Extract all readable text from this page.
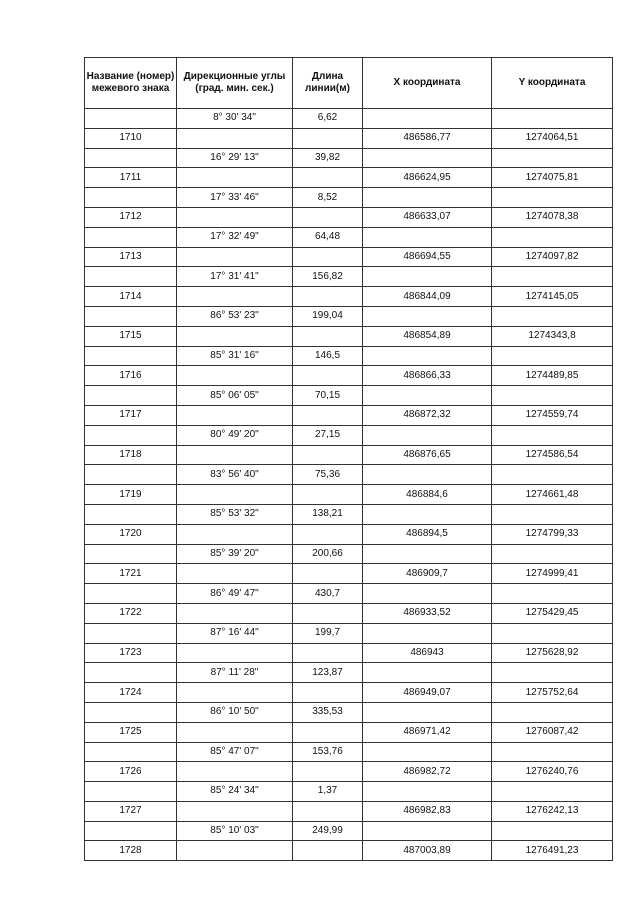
Название (номер) межевого знака	Дирекционные углы (град. мин. сек.)	Длина линии(м)	X координата	Y координата
	8° 30' 34"	6,62		
1710			486586,77	1274064,51
	16° 29' 13"	39,82		
1711			486624,95	1274075,81
	17° 33' 46"	8,52		
1712			486633,07	1274078,38
	17° 32' 49"	64,48		
1713			486694,55	1274097,82
	17° 31' 41"	156,82		
1714			486844,09	1274145,05
	86° 53' 23"	199,04		
1715			486854,89	1274343,8
	85° 31' 16"	146,5		
1716			486866,33	1274489,85
	85° 06' 05"	70,15		
1717			486872,32	1274559,74
	80° 49' 20"	27,15		
1718			486876,65	1274586,54
	83° 56' 40"	75,36		
1719			486884,6	1274661,48
	85° 53' 32"	138,21		
1720			486894,5	1274799,33
	85° 39' 20"	200,66		
1721			486909,7	1274999,41
	86° 49' 47"	430,7		
1722			486933,52	1275429,45
	87° 16' 44"	199,7		
1723			486943	1275628,92
	87° 11' 28"	123,87		
1724			486949,07	1275752,64
	86° 10' 50"	335,53		
1725			486971,42	1276087,42
	85° 47' 07"	153,76		
1726			486982,72	1276240,76
	85° 24' 34"	1,37		
1727			486982,83	1276242,13
	85° 10' 03"	249,99		
1728			487003,89	1276491,23
